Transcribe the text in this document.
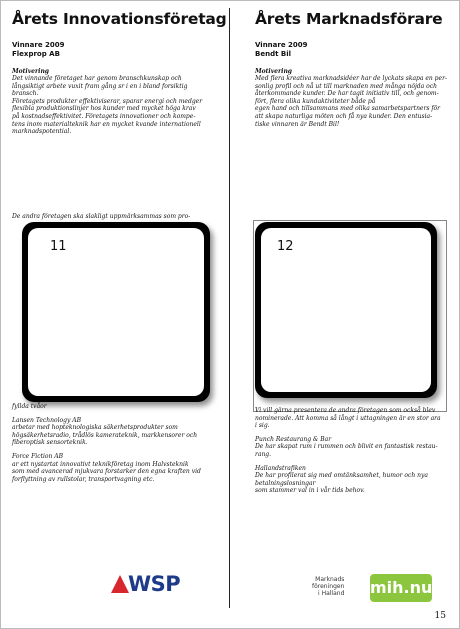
Årets Innovationsföretag
Vinnare 2009
Flexprop AB
Motivering

Det vinnande företaget har genom branschkunskap och

långsiktigt arbete vuxit fram gång sr i en i bland forsiktig

bransch.

Företagets produkter effektiviserar, sparar energi och medger

flexibla produktionslinjer hos kunder med mycket höga krav

på kostnadseffektivitet. Företagets innovationer och kompe-

tens inom materialteknik har en mycket kvande internationell

marknadspotential.

De andra företagen ska slakligt uppmärksammas som pro-
11
Årets Marknadsförare
Vinnare 2009
Bendt Bil
Motivering

Med flera kreativa marknadsidéer har de lyckats skapa en per-

sonlig profil och nå ut till marknaden med många nöjda och

återkommande kunder. De har tagit initiativ till, och genom-

fört, flera olika kundaktiviteter både på

egen hand och tillsammans med olika samarbetspartners för

att skapa naturliga möten och få nya kunder. Den entusia-

tiske vinnaren är Bendt Bil!

12

fyllda tvåor

Lansen Technology AB

arbetar med hopteknologiska säkerhetsprodukter som

högsäkerhetsradio, trådlös kamerateknik, markkensorer och

fiberoptisk sensorteknik.

Force Fiction AB

ar ett nystartat innovativt teknikföretag inom Halvsteknik

som med avancerad mjukvara forstarker den egna kraften vid

forflyttning av rullstolar, transportvagning etc.

Vi vill gärna presentera de andra företagen som också blev

nominerade. Att komma så långt i uttagningen är en stor ara

i sig.

Punch Restaurang & Bar

De har skapat rum i rummen och blivit en fantastisk restau-

rang.

Hallandstrafiken

De har profilerat sig med omtänksamhet, humor och nya

betalningslosningar

som stammer val in i vår tids behov.

WSP	Marknads
föreningen
i Halland mih.nu
15
